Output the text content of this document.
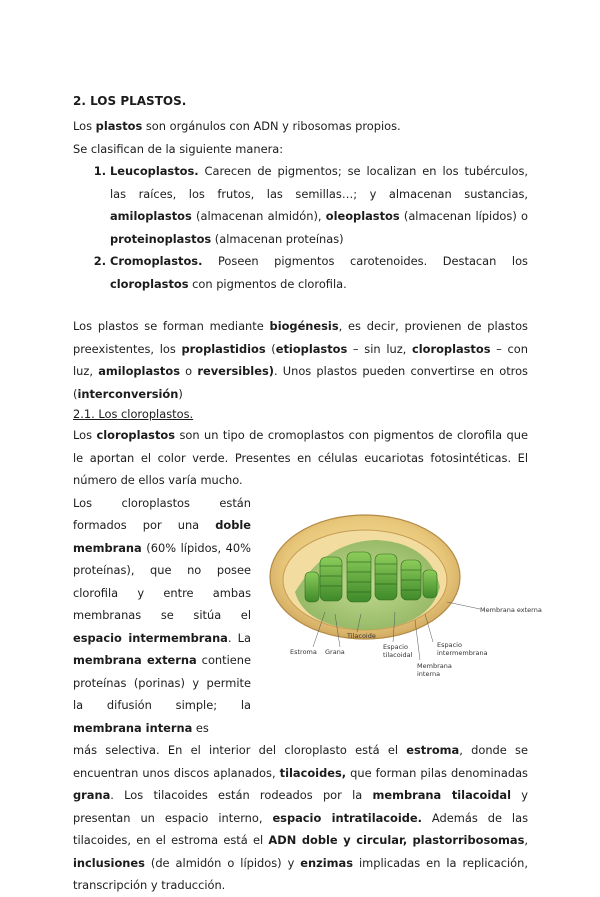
2. LOS PLASTOS.

Los plastos son orgánulos con ADN y ribosomas propios.

Se clasifican de la siguiente manera:

1. Leucoplastos. Carecen de pigmentos; se localizan en los tubérculos, las raíces, los frutos, las semillas…; y almacenan sustancias, amiloplastos (almacenan almidón), oleoplastos (almacenan lípidos) o proteinoplastos (almacenan proteínas)
2. Cromoplastos. Poseen pigmentos carotenoides. Destacan los cloroplastos con pigmentos de clorofila.

Los plastos se forman mediante biogénesis, es decir, provienen de plastos preexistentes, los proplastidios (etioplastos – sin luz, cloroplastos – con luz, amiloplastos o reversibles). Unos plastos pueden convertirse en otros (interconversión)

2.1. Los cloroplastos.

Los cloroplastos son un tipo de cromoplastos con pigmentos de clorofila que le aportan el color verde. Presentes en células eucariotas fotosintéticas. El número de ellos varía mucho.

Los cloroplastos están formados por una doble membrana (60% lípidos, 40% proteínas), que no posee clorofila y entre ambas membranas se sitúa el espacio intermembrana. La membrana externa contiene proteínas (porinas) y permite la difusión simple; la membrana interna es

Membrana externa
Tilacoide
Estroma Grana
Espacio
tilacoidal
Espacio
intermembrana
Membrana
interna

más selectiva. En el interior del cloroplasto está el estroma, donde se encuentran unos discos aplanados, tilacoides, que forman pilas denominadas grana. Los tilacoides están rodeados por la membrana tilacoidal y presentan un espacio interno, espacio intratilacoide. Además de las tilacoides, en el estroma está el ADN doble y circular, plastorribosomas, inclusiones (de almidón o lípidos) y enzimas implicadas en la replicación, transcripción y traducción.
